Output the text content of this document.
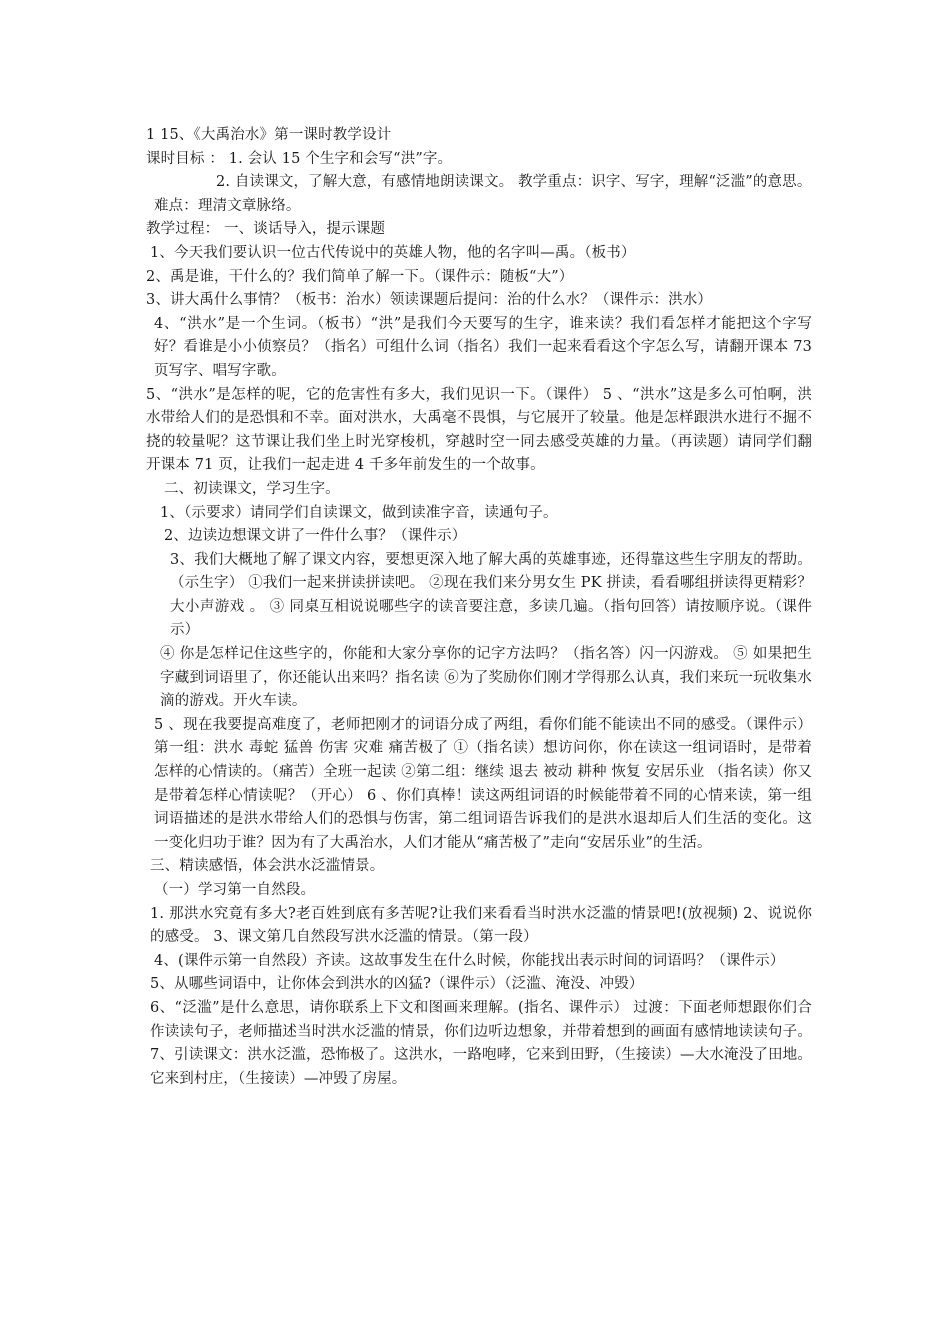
1 15、《大禹治水》第一课时教学设计

课时目标 ： 1. 会认 15 个生字和会写“洪”字。

2. 自读课文，了解大意，有感情地朗读课文。 教学重点：识字、写字，理解“泛滥”的意思。

难点：理清文章脉络。

教学过程： 一、谈话导入，提示课题

1、今天我们要认识一位古代传说中的英雄人物，他的名字叫—禹。（板书）

2、禹是谁，干什么的？我们简单了解一下。（课件示：随板“大”）

3、讲大禹什么事情？（板书：治水）领读课题后提问：治的什么水？（课件示：洪水）

4、“洪水”是一个生词。（板书）“洪”是我们今天要写的生字，谁来读？我们看怎样才能把这个字写好？看谁是小小侦察员？（指名）可组什么词（指名）我们一起来看看这个字怎么写，请翻开课本 73 页写字、唱写字歌。

5、“洪水”是怎样的呢，它的危害性有多大，我们见识一下。（课件） 5 、“洪水”这是多么可怕啊，洪水带给人们的是恐惧和不幸。面对洪水，大禹毫不畏惧，与它展开了较量。他是怎样跟洪水进行不掘不挠的较量呢？这节课让我们坐上时光穿梭机，穿越时空一同去感受英雄的力量。（再读题）请同学们翻开课本 71 页，让我们一起走进 4 千多年前发生的一个故事。

二、初读课文，学习生字。

1、（示要求）请同学们自读课文，做到读准字音，读通句子。

2、边读边想课文讲了一件什么事？（课件示）

3、我们大概地了解了课文内容，要想更深入地了解大禹的英雄事迹，还得靠这些生字朋友的帮助。（示生字） ①我们一起来拼读拼读吧。 ②现在我们来分男女生 PK 拼读，看看哪组拼读得更精彩？大小声游戏 。 ③ 同桌互相说说哪些字的读音要注意，多读几遍。（指句回答）请按顺序说。（课件示）

④ 你是怎样记住这些字的，你能和大家分享你的记字方法吗？（指名答）闪一闪游戏。 ⑤ 如果把生字藏到词语里了，你还能认出来吗？指名读 ⑥为了奖励你们刚才学得那么认真，我们来玩一玩收集水滴的游戏。开火车读。

5 、现在我要提高难度了，老师把刚才的词语分成了两组，看你们能不能读出不同的感受。（课件示）第一组：洪水 毒蛇 猛兽 伤害 灾难 痛苦极了 ①（指名读）想访问你，你在读这一组词语时，是带着怎样的心情读的。（痛苦）全班一起读 ②第二组：继续 退去 被动 耕种 恢复 安居乐业 （指名读）你又是带着怎样心情读呢？（开心） 6 、你们真棒！读这两组词语的时候能带着不同的心情来读，第一组词语描述的是洪水带给人们的恐惧与伤害，第二组词语告诉我们的是洪水退却后人们生活的变化。这一变化归功于谁？因为有了大禹治水，人们才能从“痛苦极了”走向“安居乐业”的生活。

三、精读感悟，体会洪水泛滥情景。

（一）学习第一自然段。

1. 那洪水究竟有多大?老百姓到底有多苦呢?让我们来看看当时洪水泛滥的情景吧!(放视频) 2、说说你的感受。 3、课文第几自然段写洪水泛滥的情景。（第一段）

4、(课件示第一自然段）齐读。这故事发生在什么时候，你能找出表示时间的词语吗？（课件示）

5、从哪些词语中，让你体会到洪水的凶猛?（课件示）（泛滥、淹没、冲毁）

6、“泛滥”是什么意思，请你联系上下文和图画来理解。(指名、课件示） 过渡：下面老师想跟你们合作读读句子，老师描述当时洪水泛滥的情景，你们边听边想象，并带着想到的画面有感情地读读句子。 7、引读课文：洪水泛滥，恐怖极了。这洪水，一路咆哮，它来到田野，（生接读）—大水淹没了田地。 它来到村庄，（生接读）—冲毁了房屋。
